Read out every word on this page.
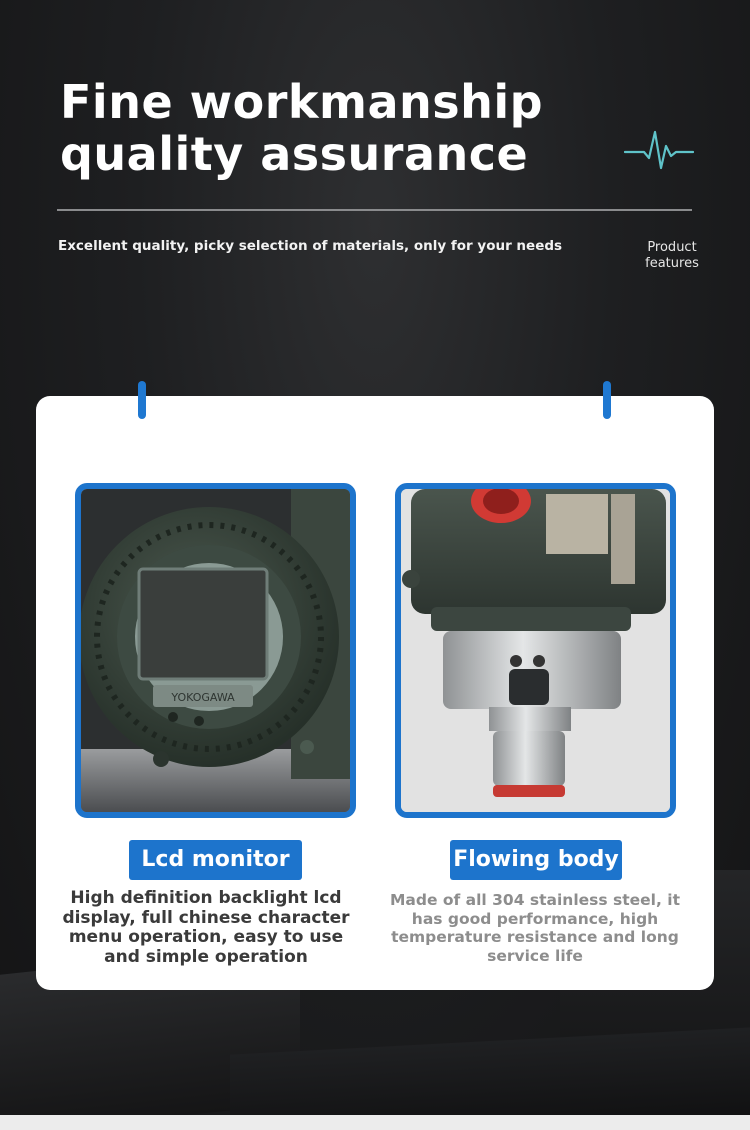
Fine workmanship
quality assurance
Excellent quality, picky selection of materials, only for your needs	Product
features
YOKOGAWA
Lcd monitor	Flowing body
High definition backlight lcd display, full chinese character menu operation, easy to use and simple operation
Made of all 304 stainless steel, it has good performance, high temperature resistance and long service life
